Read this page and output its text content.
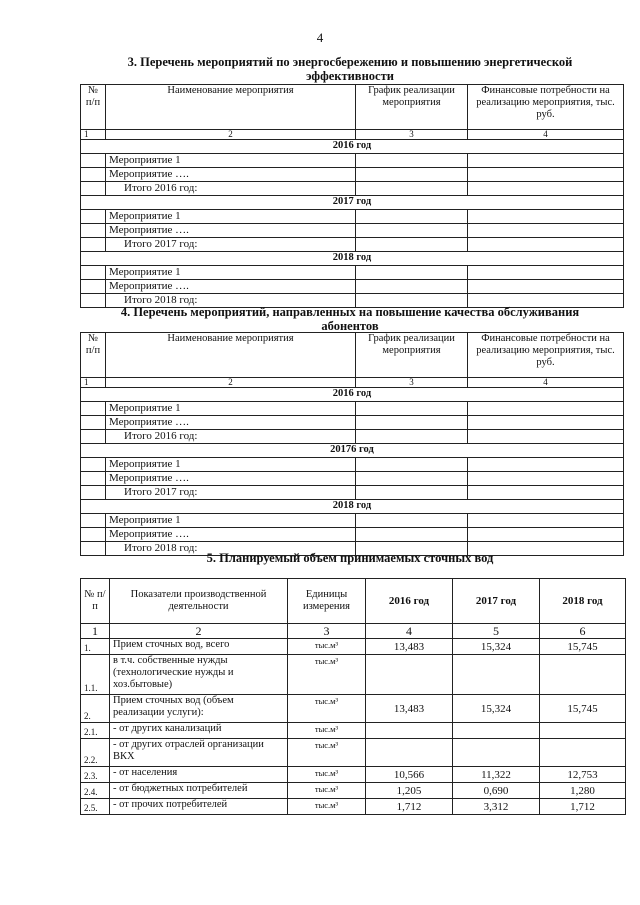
4
3. Перечень мероприятий по энергосбережению и повышению энергетической
эффективности
№ п/п	Наименование мероприятия	График реализации мероприятия	Финансовые потребности на реализацию мероприятия, тыс. руб.
1	2	3	4
2016 год			
	Мероприятие 1		
	Мероприятие ….		
	Итого 2016 год:		
2017 год			
	Мероприятие 1		
	Мероприятие ….		
	Итого 2017 год:		
2018 год			
	Мероприятие 1		
	Мероприятие ….		
	Итого 2018 год:		
4. Перечень мероприятий, направленных на повышение качества обслуживания
абонентов
№ п/п	Наименование мероприятия	График реализации мероприятия	Финансовые потребности на реализацию мероприятия, тыс. руб.
1	2	3	4
2016 год			
	Мероприятие 1		
	Мероприятие ….		
	Итого 2016 год:		
20176 год			
	Мероприятие 1		
	Мероприятие ….		
	Итого 2017 год:		
2018 год			
	Мероприятие 1		
	Мероприятие ….		
	Итого 2018 год:		
5. Планируемый объем принимаемых сточных вод
№ п/п	Показатели производственной деятельности	Единицы измерения	2016 год	2017 год	2018 год
1	2	3	4	5	6
1.	Прием сточных вод, всего	тыс.м³	13,483	15,324	15,745
1.1.	в т.ч. собственные нужды (технологические нужды и хоз.бытовые)	тыс.м³			
2.	Прием сточных вод (объем реализации услуги):	тыс.м³	13,483	15,324	15,745
2.1.	- от других канализаций	тыс.м³			
2.2.	- от других отраслей организации ВКХ	тыс.м³			
2.3.	- от населения	тыс.м³	10,566	11,322	12,753
2.4.	- от бюджетных потребителей	тыс.м³	1,205	0,690	1,280
2.5.	- от прочих потребителей	тыс.м³	1,712	3,312	1,712
